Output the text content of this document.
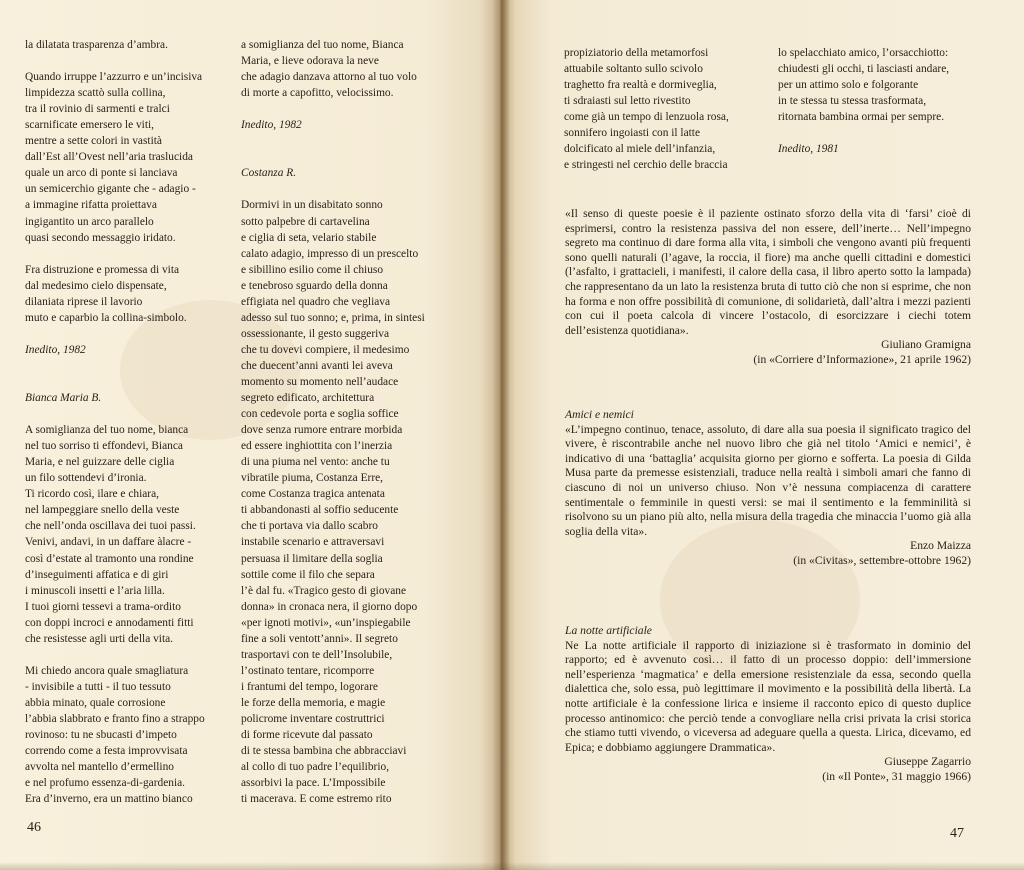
la dilatata trasparenza d’ambra.
Quando irruppe l’azzurro e un’incisiva
limpidezza scattò sulla collina,
tra il rovinio di sarmenti e tralci
scarnificate emersero le viti,
mentre a sette colori in vastità
dall’Est all’Ovest nell’aria traslucida
quale un arco di ponte si lanciava
un semicerchio gigante che - adagio -
a immagine rifatta proiettava
ingigantito un arco parallelo
quasi secondo messaggio iridato.
Fra distruzione e promessa di vita
dal medesimo cielo dispensate,
dilaniata riprese il lavorio
muto e caparbio la collina-simbolo.
Inedito, 1982
Bianca Maria B.
A somiglianza del tuo nome, bianca
nel tuo sorriso ti effondevi, Bianca
Maria, e nel guizzare delle ciglia
un filo sottendevi d’ironia.
Ti ricordo così, ilare e chiara,
nel lampeggiare snello della veste
che nell’onda oscillava dei tuoi passi.
Venivi, andavi, in un daffare àlacre -
così d’estate al tramonto una rondine
d’inseguimenti affatica e di giri
i minuscoli insetti e l’aria lilla.
I tuoi giorni tessevi a trama-ordito
con doppi incroci e annodamenti fitti
che resistesse agli urti della vita.
Mi chiedo ancora quale smagliatura
- invisibile a tutti - il tuo tessuto
abbia minato, quale corrosione
l’abbia slabbrato e franto fino a strappo
rovinoso: tu ne sbucasti d’impeto
correndo come a festa improvvisata
avvolta nel mantello d’ermellino
e nel profumo essenza-di-gardenia.
Era d’inverno, era un mattino bianco
a somiglianza del tuo nome, Bianca
Maria, e lieve odorava la neve
che adagio danzava attorno al tuo volo
di morte a capofitto, velocissimo.
Inedito, 1982
Costanza R.
Dormivi in un disabitato sonno
sotto palpebre di cartavelina
e ciglia di seta, velario stabile
calato adagio, impresso di un prescelto
e sibillino esilio come il chiuso
e tenebroso sguardo della donna
effigiata nel quadro che vegliava
adesso sul tuo sonno; e, prima, in sintesi
ossessionante, il gesto suggeriva
che tu dovevi compiere, il medesimo
che duecent’anni avanti lei aveva
momento su momento nell’audace
segreto edificato, architettura
con cedevole porta e soglia soffice
dove senza rumore entrare morbida
ed essere inghiottita con l’inerzia
di una piuma nel vento: anche tu
vibratile piuma, Costanza Erre,
come Costanza tragica antenata
ti abbandonasti al soffio seducente
che ti portava via dallo scabro
instabile scenario e attraversavi
persuasa il limitare della soglia
sottile come il filo che separa
l’è dal fu. «Tragico gesto di giovane
donna» in cronaca nera, il giorno dopo
«per ignoti motivi», «un’inspiegabile
fine a soli ventott’anni». Il segreto
trasportavi con te dell’Insolubile,
l’ostinato tentare, ricomporre
i frantumi del tempo, logorare
le forze della memoria, e magie
policrome inventare costruttrici
di forme ricevute dal passato
di te stessa bambina che abbracciavi
al collo di tuo padre l’equilibrio,
assorbivi la pace. L’Impossibile
ti macerava. E come estremo rito
46
propiziatorio della metamorfosi
attuabile soltanto sullo scivolo
traghetto fra realtà e dormiveglia,
ti sdraiasti sul letto rivestito
come già un tempo di lenzuola rosa,
sonnifero ingoiasti con il latte
dolcificato al miele dell’infanzia,
e stringesti nel cerchio delle braccia
lo spelacchiato amico, l’orsacchiotto:
chiudesti gli occhi, ti lasciasti andare,
per un attimo solo e folgorante
in te stessa tu stessa trasformata,
ritornata bambina ormai per sempre.
Inedito, 1981
«Il senso di queste poesie è il paziente ostinato sforzo della vita di ‘farsi’ cioè di esprimersi, contro la resistenza passiva del non essere, dell’inerte… Nell’impegno segreto ma continuo di dare forma alla vita, i simboli che vengono avanti più frequenti sono quelli naturali (l’agave, la roccia, il fiore) ma anche quelli cittadini e domestici (l’asfalto, i grattacieli, i manifesti, il calore della casa, il libro aperto sotto la lampada) che rappresentano da un lato la resistenza bruta di tutto ciò che non si esprime, che non ha forma e non offre possibilità di comunione, di solidarietà, dall’altra i mezzi pazienti con cui il poeta calcola di vincere l’ostacolo, di esorcizzare i ciechi totem dell’esistenza quotidiana».
Giuliano Gramigna
(in «Corriere d’Informazione», 21 aprile 1962)
Amici e nemici
«L’impegno continuo, tenace, assoluto, di dare alla sua poesia il significato tragico del vivere, è riscontrabile anche nel nuovo libro che già nel titolo ‘Amici e nemici’, è indicativo di una ‘battaglia’ acquisita giorno per giorno e sofferta. La poesia di Gilda Musa parte da premesse esistenziali, traduce nella realtà i simboli amari che fanno di ciascuno di noi un universo chiuso. Non v’è nessuna compiacenza di carattere sentimentale o femminile in questi versi: se mai il sentimento e la femminilità si risolvono su un piano più alto, nella misura della tragedia che minaccia l’uomo già alla soglia della vita».
Enzo Maizza
(in «Civitas», settembre-ottobre 1962)
La notte artificiale
Ne La notte artificiale il rapporto di iniziazione si è trasformato in dominio del rapporto; ed è avvenuto così… il fatto di un processo doppio: dell’immersione nell’esperienza ‘magmatica’ e della emersione resistenziale da essa, secondo quella dialettica che, solo essa, può legittimare il movimento e la possibilità della libertà. La notte artificiale è la confessione lirica e insieme il racconto epico di questo duplice processo antinomico: che perciò tende a convogliare nella crisi privata la crisi storica che stiamo tutti vivendo, o viceversa ad adeguare quella a questa. Lirica, dicevamo, ed Epica; e dobbiamo aggiungere Drammatica».
Giuseppe Zagarrio
(in «Il Ponte», 31 maggio 1966)
47
